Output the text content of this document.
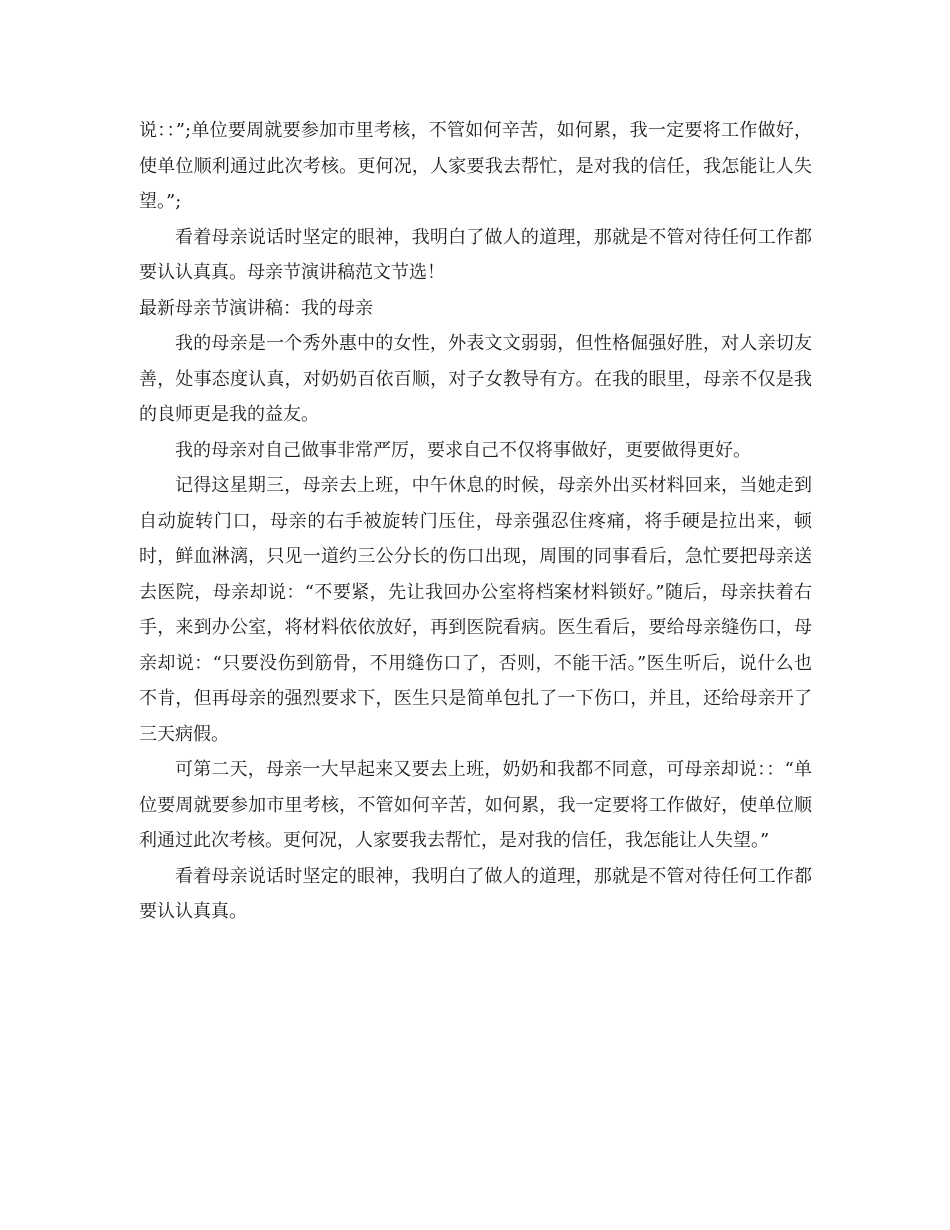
说：：”;单位要周就要参加市里考核，不管如何辛苦，如何累，我一定要将工作做好，使单位顺利通过此次考核。更何况，人家要我去帮忙，是对我的信任，我怎能让人失望。”;

看着母亲说话时坚定的眼神，我明白了做人的道理，那就是不管对待任何工作都要认认真真。母亲节演讲稿范文节选！

最新母亲节演讲稿：我的母亲

我的母亲是一个秀外惠中的女性，外表文文弱弱，但性格倔强好胜，对人亲切友善，处事态度认真，对奶奶百依百顺，对子女教导有方。在我的眼里，母亲不仅是我的良师更是我的益友。

我的母亲对自己做事非常严厉，要求自己不仅将事做好，更要做得更好。

记得这星期三，母亲去上班，中午休息的时候，母亲外出买材料回来，当她走到自动旋转门口，母亲的右手被旋转门压住，母亲强忍住疼痛，将手硬是拉出来，顿时，鲜血淋漓，只见一道约三公分长的伤口出现，周围的同事看后，急忙要把母亲送去医院，母亲却说：“不要紧，先让我回办公室将档案材料锁好。”随后，母亲扶着右手，来到办公室，将材料依依放好，再到医院看病。医生看后，要给母亲缝伤口，母亲却说：“只要没伤到筋骨，不用缝伤口了，否则，不能干活。”医生听后，说什么也不肯，但再母亲的强烈要求下，医生只是简单包扎了一下伤口，并且，还给母亲开了三天病假。

可第二天，母亲一大早起来又要去上班，奶奶和我都不同意，可母亲却说：：“单位要周就要参加市里考核，不管如何辛苦，如何累，我一定要将工作做好，使单位顺利通过此次考核。更何况，人家要我去帮忙，是对我的信任，我怎能让人失望。”

看着母亲说话时坚定的眼神，我明白了做人的道理，那就是不管对待任何工作都要认认真真。
